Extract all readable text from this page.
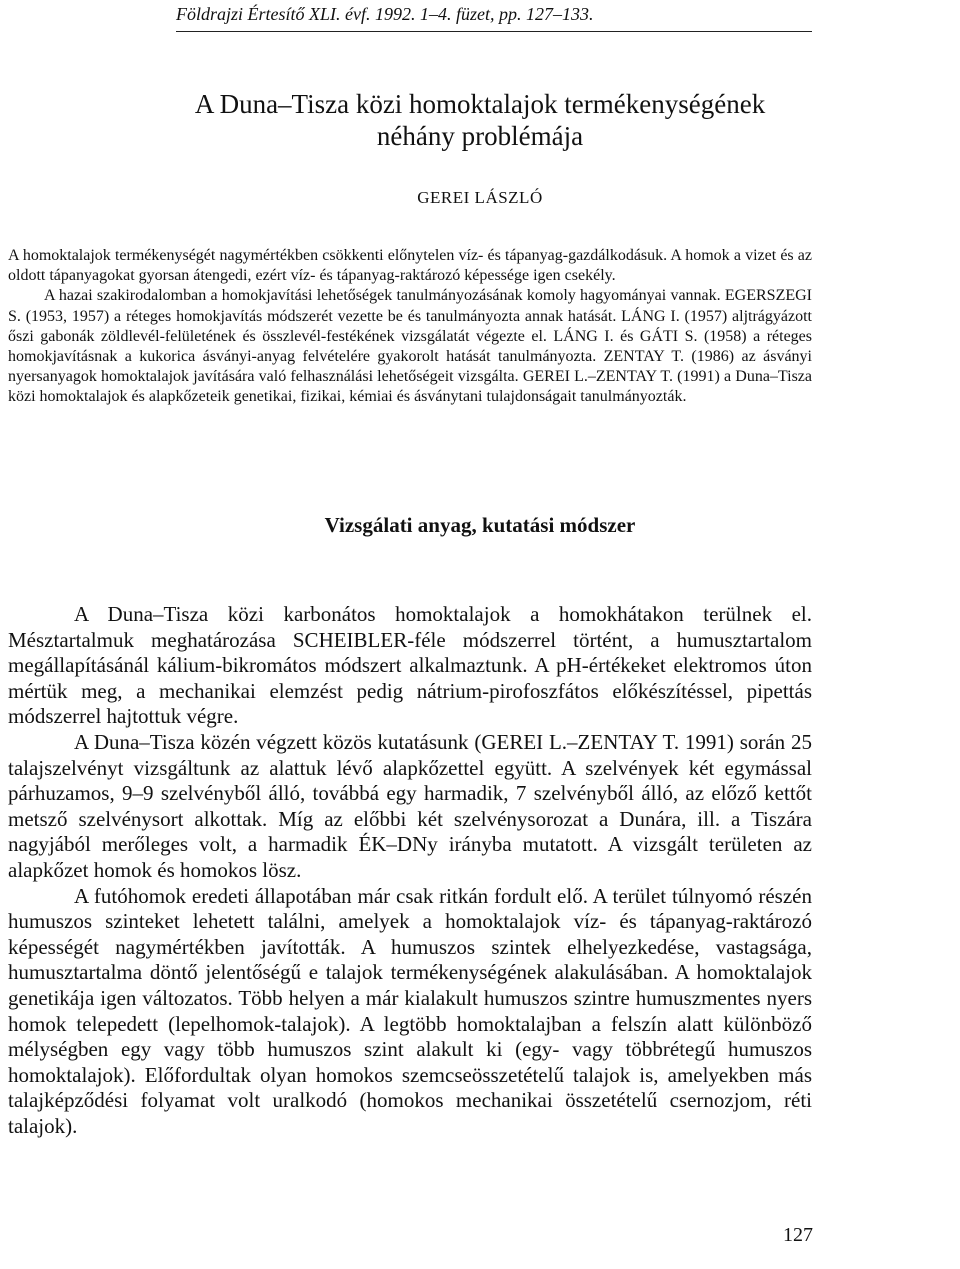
Földrajzi Értesítő XLI. évf. 1992. 1–4. füzet, pp. 127–133.
A Duna–Tisza közi homoktalajok termékenységének
néhány problémája
GEREI LÁSZLÓ

A homoktalajok termékenységét nagymértékben csökkenti előnytelen víz- és tápanyag-gazdálkodásuk. A homok a vizet és az oldott tápanyagokat gyorsan átengedi, ezért víz- és tápanyag-raktározó képessége igen csekély.

A hazai szakirodalomban a homokjavítási lehetőségek tanulmányozásának komoly hagyományai vannak. EGERSZEGI S. (1953, 1957) a réteges homokjavítás módszerét vezette be és tanulmányozta annak hatását. LÁNG I. (1957) aljtrágyázott őszi gabonák zöldlevél-felületének és összlevél-festékének vizsgálatát végezte el. LÁNG I. és GÁTI S. (1958) a réteges homokjavításnak a kukorica ásványi-anyag felvételére gyakorolt hatását tanulmányozta. ZENTAY T. (1986) az ásványi nyersanyagok homoktalajok javítására való felhasználási lehetőségeit vizsgálta. GEREI L.–ZENTAY T. (1991) a Duna–Tisza közi homoktalajok és alapkőzeteik genetikai, fizikai, kémiai és ásványtani tulajdonságait tanulmányozták.

Vizsgálati anyag, kutatási módszer

A Duna–Tisza közi karbonátos homoktalajok a homokhátakon terülnek el. Mésztartalmuk meghatározása SCHEIBLER-féle módszerrel történt, a humusztartalom megállapításánál kálium-bikromátos módszert alkalmaztunk. A pH-értékeket elektromos úton mértük meg, a mechanikai elemzést pedig nátrium-pirofoszfátos előkészítéssel, pipettás módszerrel hajtottuk végre.

A Duna–Tisza közén végzett közös kutatásunk (GEREI L.–ZENTAY T. 1991) során 25 talajszelvényt vizsgáltunk az alattuk lévő alapkőzettel együtt. A szelvények két egymással párhuzamos, 9–9 szelvényből álló, továbbá egy harmadik, 7 szelvényből álló, az előző kettőt metsző szelvénysort alkottak. Míg az előbbi két szelvénysorozat a Dunára, ill. a Tiszára nagyjából merőleges volt, a harmadik ÉK–DNy irányba mutatott. A vizsgált területen az alapkőzet homok és homokos lösz.

A futóhomok eredeti állapotában már csak ritkán fordult elő. A terület túlnyomó részén humuszos szinteket lehetett találni, amelyek a homoktalajok víz- és tápanyag-raktározó képességét nagymértékben javították. A humuszos szintek elhelyezkedése, vastagsága, humusztartalma döntő jelentőségű e talajok termékenységének alakulásában. A homoktalajok genetikája igen változatos. Több helyen a már kialakult humuszos szintre humuszmentes nyers homok telepedett (lepelhomok-talajok). A legtöbb homoktalajban a felszín alatt különböző mélységben egy vagy több humuszos szint alakult ki (egy- vagy többrétegű humuszos homoktalajok). Előfordultak olyan homokos szemcseösszetételű talajok is, amelyekben más talajképződési folyamat volt uralkodó (homokos mechanikai összetételű csernozjom, réti talajok).

127
